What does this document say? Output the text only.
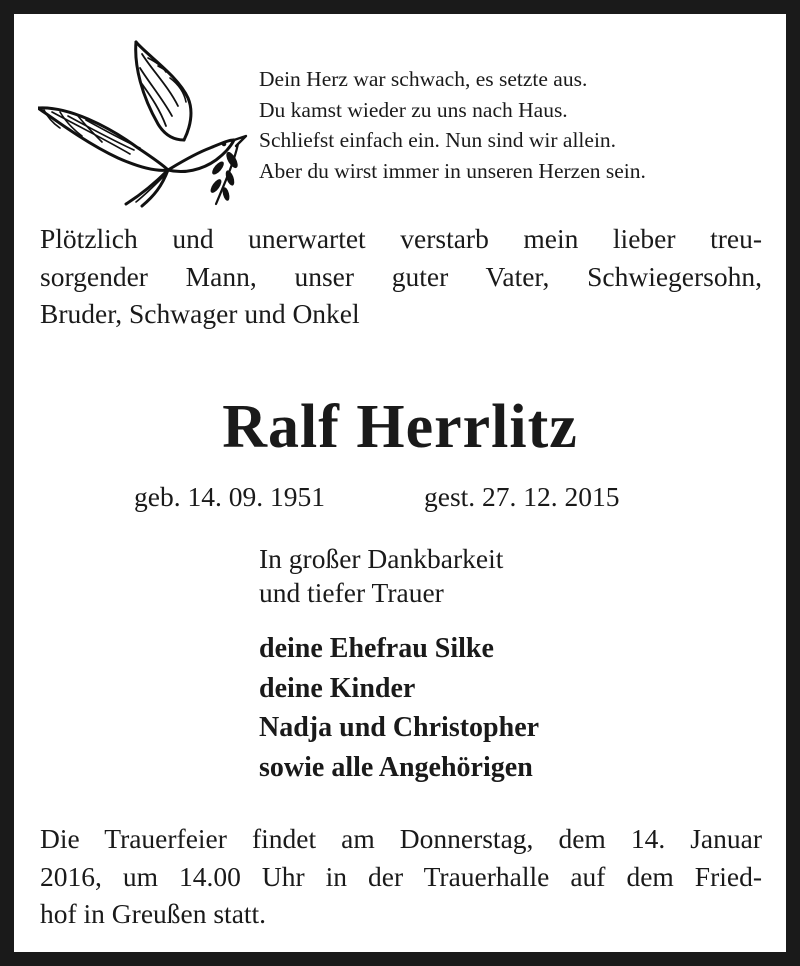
Dein Herz war schwach, es setzte aus.
Du kamst wieder zu uns nach Haus.
Schliefst einfach ein. Nun sind wir allein.
Aber du wirst immer in unseren Herzen sein.
Plötzlich und unerwartet verstarb mein lieber treu-
sorgender Mann, unser guter Vater, Schwiegersohn,
Bruder, Schwager und Onkel
Ralf Herrlitz
geb. 14. 09. 1951	gest. 27. 12. 2015
In großer Dankbarkeit
und tiefer Trauer
deine Ehefrau Silke
deine Kinder
Nadja und Christopher
sowie alle Angehörigen
Die Trauerfeier findet am Donnerstag, dem 14. Januar
2016, um 14.00 Uhr in der Trauerhalle auf dem Fried-
hof in Greußen statt.
